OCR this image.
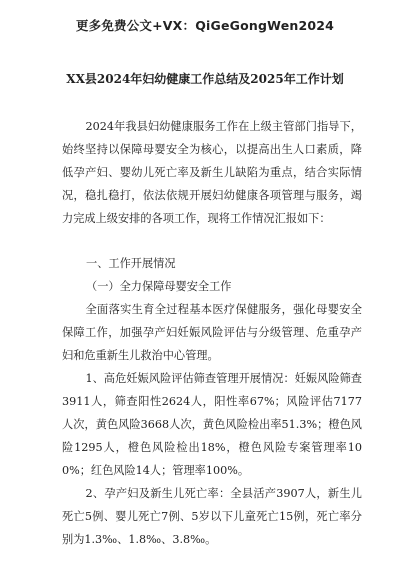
更多免费公文+VX：QiGeGongWen2024
XX县2024年妇幼健康工作总结及2025年工作计划
2024年我县妇幼健康服务工作在上级主管部门指导下，始终坚持以保障母婴安全为核心，以提高出生人口素质，降低孕产妇、婴幼儿死亡率及新生儿缺陷为重点，结合实际情况，稳扎稳打，依法依规开展妇幼健康各项管理与服务，竭力完成上级安排的各项工作，现将工作情况汇报如下：
一、工作开展情况
（一）全力保障母婴安全工作
全面落实生育全过程基本医疗保健服务，强化母婴安全保障工作，加强孕产妇妊娠风险评估与分级管理、危重孕产妇和危重新生儿救治中心管理。
1、高危妊娠风险评估筛查管理开展情况：妊娠风险筛查3911人，筛查阳性2624人，阳性率67%；风险评估7177人次，黄色风险3668人次，黄色风险检出率51.3%；橙色风险1295人，橙色风险检出18%，橙色风险专案管理率100%；红色风险14人；管理率100%。
2、孕产妇及新生儿死亡率：全县活产3907人，新生儿死亡5例、婴儿死亡7例、5岁以下儿童死亡15例，死亡率分别为1.3‰、1.8‰、3.8‰。
